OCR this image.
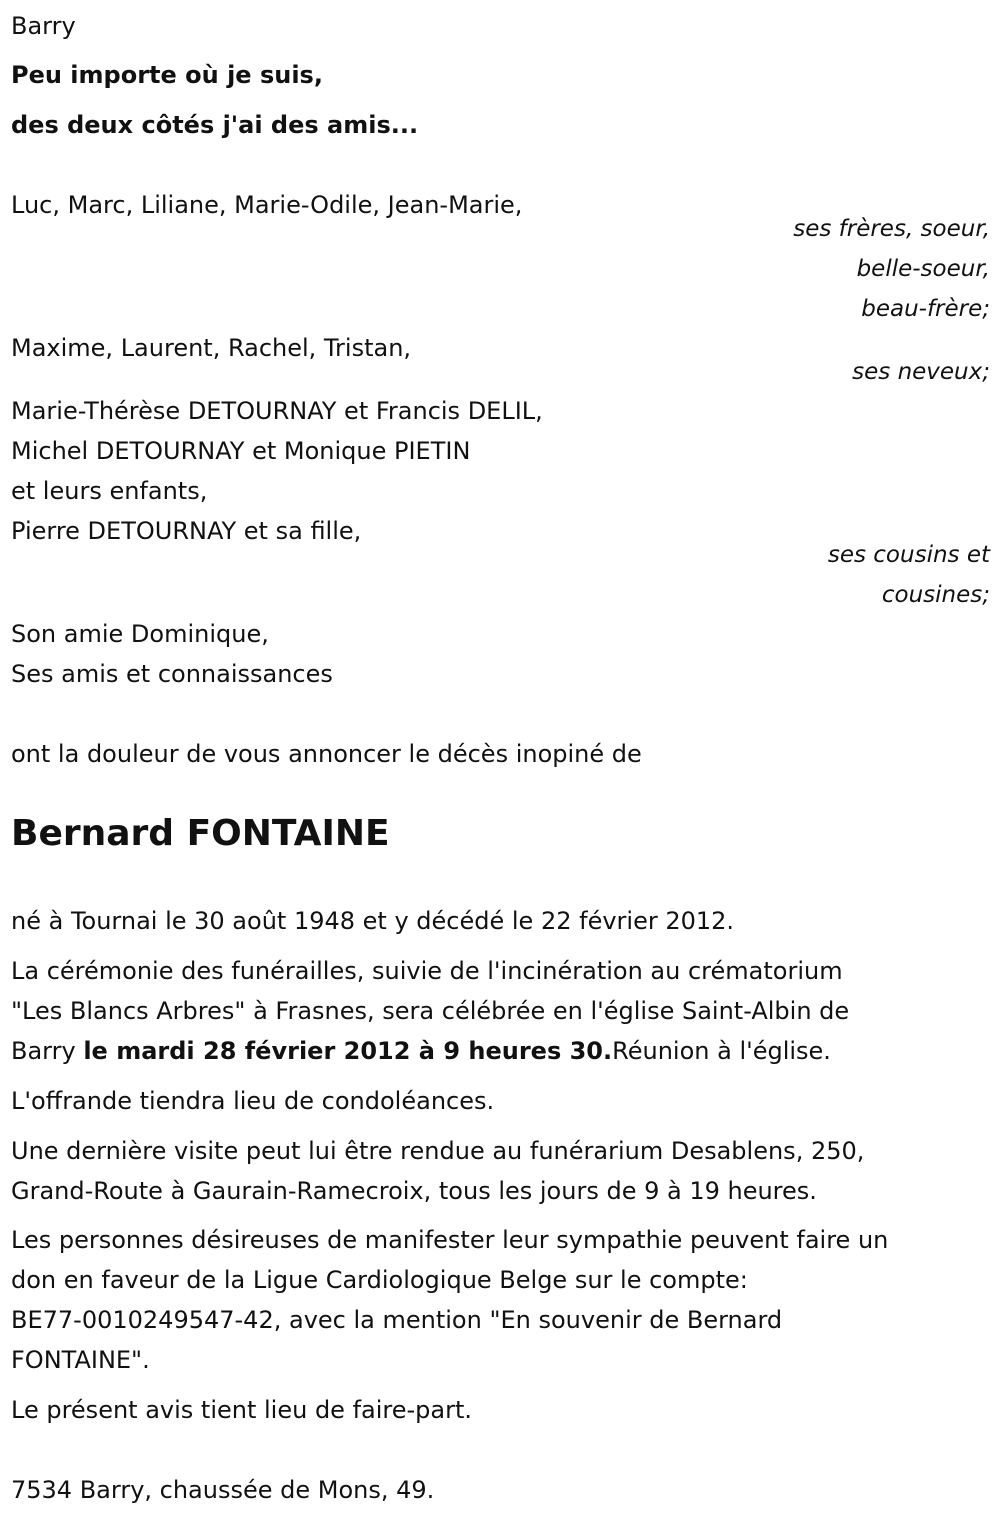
Barry
Peu importe où je suis,
des deux côtés j'ai des amis...
Luc, Marc, Liliane, Marie-Odile, Jean-Marie,
ses frères, soeur,
belle-soeur,
beau-frère;
Maxime, Laurent, Rachel, Tristan,
ses neveux;
Marie-Thérèse DETOURNAY et Francis DELIL,
Michel DETOURNAY et Monique PIETIN
et leurs enfants,
Pierre DETOURNAY et sa fille,
ses cousins et
cousines;
Son amie Dominique,
Ses amis et connaissances
ont la douleur de vous annoncer le décès inopiné de
Bernard FONTAINE
né à Tournai le 30 août 1948 et y décédé le 22 février 2012.
La cérémonie des funérailles, suivie de l'incinération au crématorium
"Les Blancs Arbres" à Frasnes, sera célébrée en l'église Saint-Albin de
Barry le mardi 28 février 2012 à 9 heures 30.Réunion à l'église.
L'offrande tiendra lieu de condoléances.
Une dernière visite peut lui être rendue au funérarium Desablens, 250,
Grand-Route à Gaurain-Ramecroix, tous les jours de 9 à 19 heures.
Les personnes désireuses de manifester leur sympathie peuvent faire un
don en faveur de la Ligue Cardiologique Belge sur le compte:
BE77-0010249547-42, avec la mention "En souvenir de Bernard
FONTAINE".
Le présent avis tient lieu de faire-part.
7534 Barry, chaussée de Mons, 49.
